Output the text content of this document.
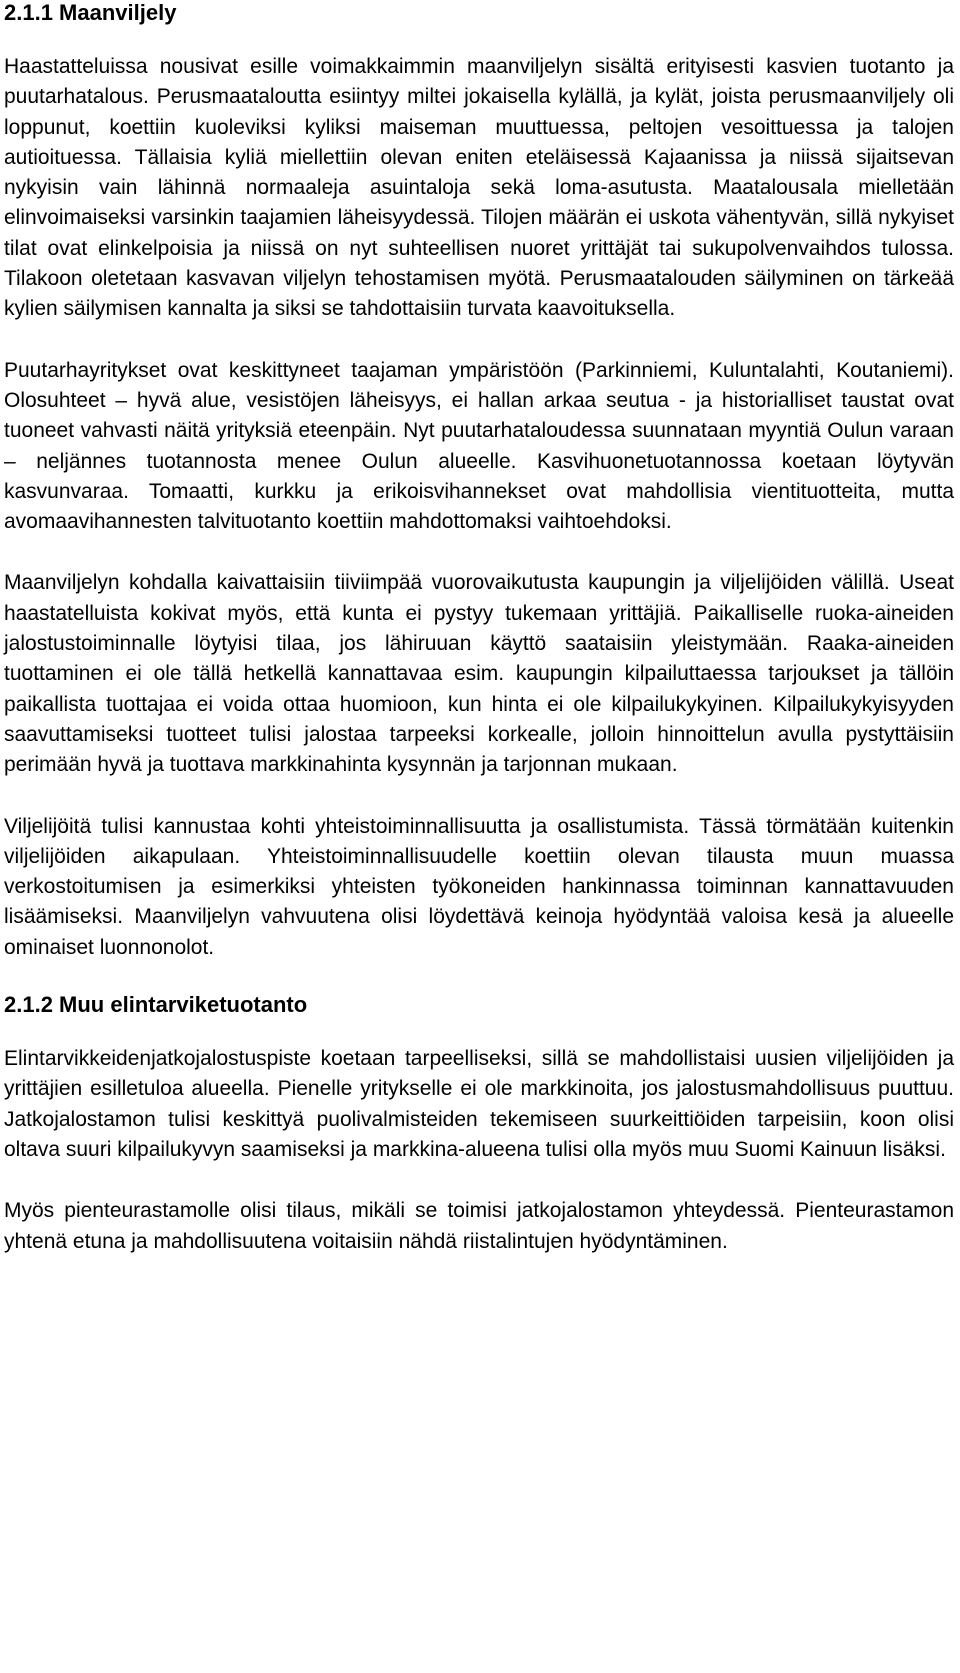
2.1.1 Maanviljely

Haastatteluissa nousivat esille voimakkaimmin maanviljelyn sisältä erityisesti kasvien tuotanto ja puutarhatalous. Perusmaataloutta esiintyy miltei jokaisella kylällä, ja kylät, joista perusmaanviljely oli loppunut, koettiin kuoleviksi kyliksi maiseman muuttuessa, peltojen vesoittuessa ja talojen autioituessa. Tällaisia kyliä miellettiin olevan eniten eteläisessä Kajaanissa ja niissä sijaitsevan nykyisin vain lähinnä normaaleja asuintaloja sekä loma-asutusta. Maatalousala mielletään elinvoimaiseksi varsinkin taajamien läheisyydessä. Tilojen määrän ei uskota vähentyvän, sillä nykyiset tilat ovat elinkelpoisia ja niissä on nyt suhteellisen nuoret yrittäjät tai sukupolvenvaihdos tulossa. Tilakoon oletetaan kasvavan viljelyn tehostamisen myötä. Perusmaatalouden säilyminen on tärkeää kylien säilymisen kannalta ja siksi se tahdottaisiin turvata kaavoituksella.

Puutarhayritykset ovat keskittyneet taajaman ympäristöön (Parkinniemi, Kuluntalahti, Koutaniemi). Olosuhteet – hyvä alue, vesistöjen läheisyys, ei hallan arkaa seutua - ja historialliset taustat ovat tuoneet vahvasti näitä yrityksiä eteenpäin. Nyt puutarhataloudessa suunnataan myyntiä Oulun varaan – neljännes tuotannosta menee Oulun alueelle. Kasvihuonetuotannossa koetaan löytyvän kasvunvaraa. Tomaatti, kurkku ja erikoisvihannekset ovat mahdollisia vientituotteita, mutta avomaavihannesten talvituotanto koettiin mahdottomaksi vaihtoehdoksi.

Maanviljelyn kohdalla kaivattaisiin tiiviimpää vuorovaikutusta kaupungin ja viljelijöiden välillä. Useat haastatelluista kokivat myös, että kunta ei pystyy tukemaan yrittäjiä. Paikalliselle ruoka-aineiden jalostustoiminnalle löytyisi tilaa, jos lähiruuan käyttö saataisiin yleistymään. Raaka-aineiden tuottaminen ei ole tällä hetkellä kannattavaa esim. kaupungin kilpailuttaessa tarjoukset ja tällöin paikallista tuottajaa ei voida ottaa huomioon, kun hinta ei ole kilpailukykyinen. Kilpailukykyisyyden saavuttamiseksi tuotteet tulisi jalostaa tarpeeksi korkealle, jolloin hinnoittelun avulla pystyttäisiin perimään hyvä ja tuottava markkinahinta kysynnän ja tarjonnan mukaan.

Viljelijöitä tulisi kannustaa kohti yhteistoiminnallisuutta ja osallistumista. Tässä törmätään kuitenkin viljelijöiden aikapulaan. Yhteistoiminnallisuudelle koettiin olevan tilausta muun muassa verkostoitumisen ja esimerkiksi yhteisten työkoneiden hankinnassa toiminnan kannattavuuden lisäämiseksi. Maanviljelyn vahvuutena olisi löydettävä keinoja hyödyntää valoisa kesä ja alueelle ominaiset luonnonolot.

2.1.2 Muu elintarviketuotanto

Elintarvikkeidenjatkojalostuspiste koetaan tarpeelliseksi, sillä se mahdollistaisi uusien viljelijöiden ja yrittäjien esilletuloa alueella. Pienelle yritykselle ei ole markkinoita, jos jalostusmahdollisuus puuttuu. Jatkojalostamon tulisi keskittyä puolivalmisteiden tekemiseen suurkeittiöiden tarpeisiin, koon olisi oltava suuri kilpailukyvyn saamiseksi ja markkina-alueena tulisi olla myös muu Suomi Kainuun lisäksi.

Myös pienteurastamolle olisi tilaus, mikäli se toimisi jatkojalostamon yhteydessä. Pienteurastamon yhtenä etuna ja mahdollisuutena voitaisiin nähdä riistalintujen hyödyntäminen.
